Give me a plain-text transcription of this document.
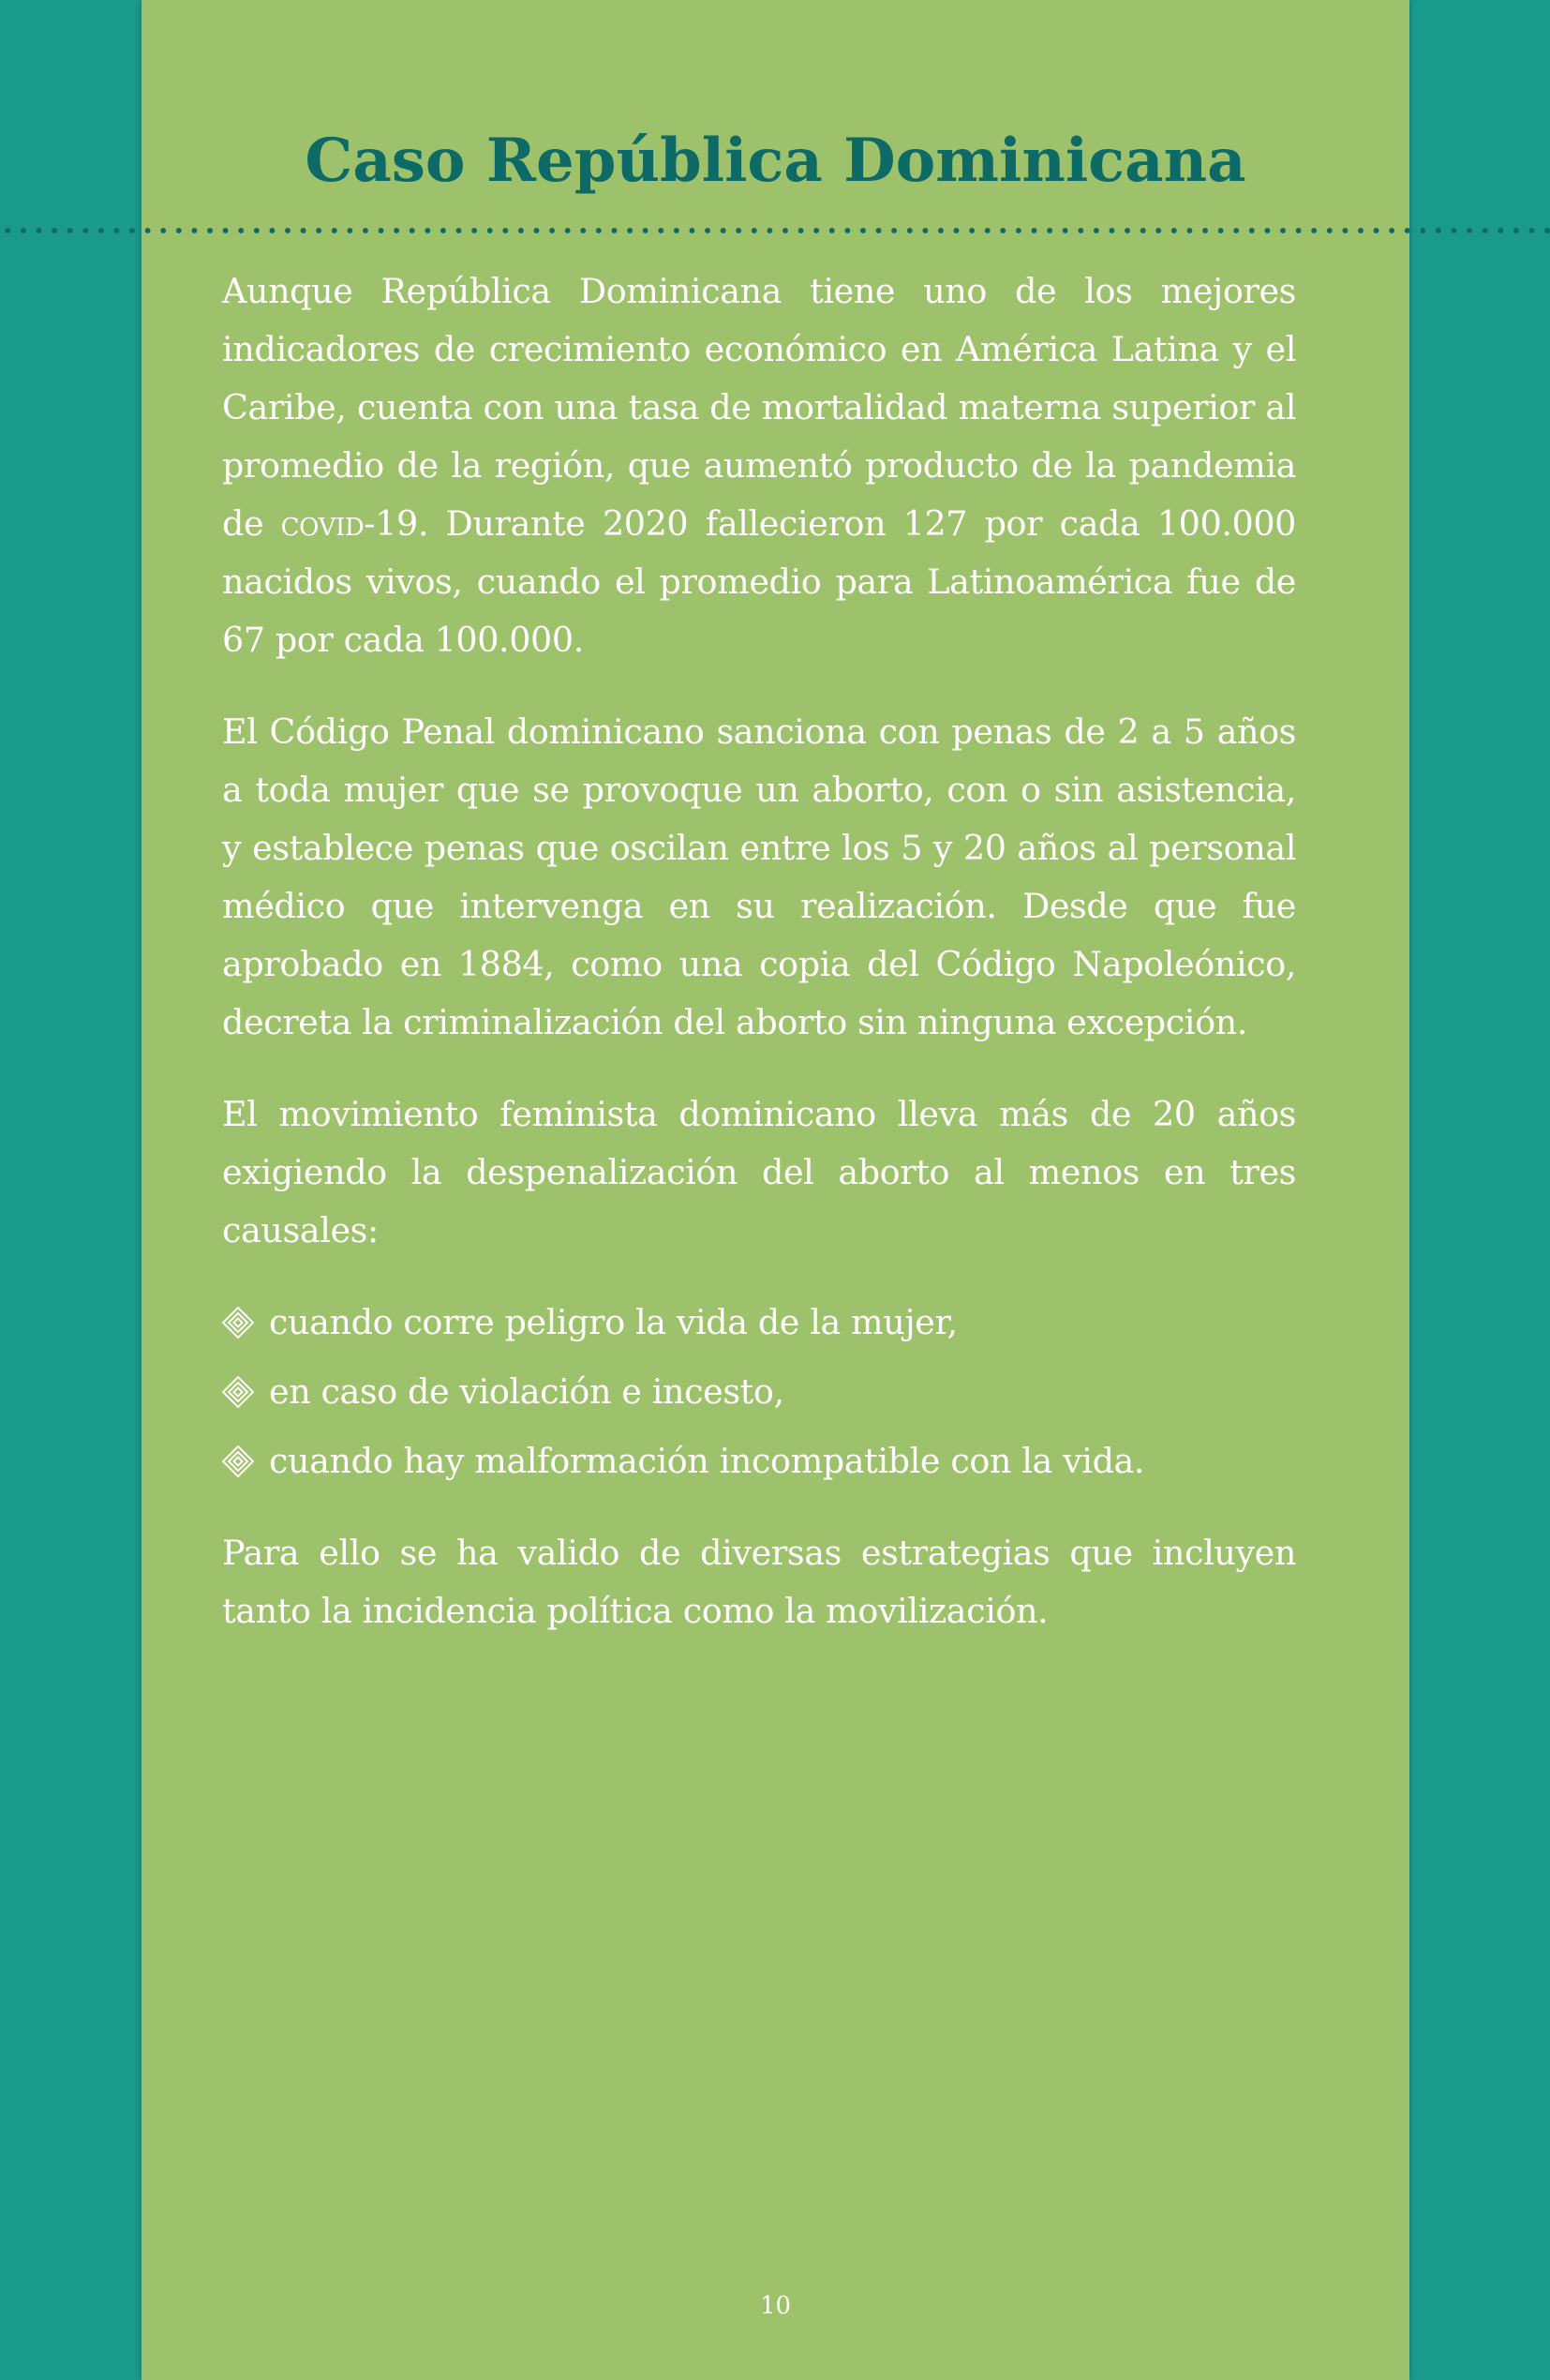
Caso República Dominicana

Aunque República Dominicana tiene uno de los mejores indicadores de crecimiento económico en América Latina y el Caribe, cuenta con una tasa de mortalidad materna superior al promedio de la región, que aumentó producto de la pandemia de covid-19. Durante 2020 fallecieron 127 por cada 100.000 nacidos vivos, cuando el promedio para Latinoamérica fue de 67 por cada 100.000.

El Código Penal dominicano sanciona con penas de 2 a 5 años a toda mujer que se provoque un aborto, con o sin asistencia, y establece penas que oscilan entre los 5 y 20 años al personal médico que intervenga en su realización. Desde que fue aprobado en 1884, como una copia del Código Napoleónico, decreta la criminalización del aborto sin ninguna excepción.

El movimiento feminista dominicano lleva más de 20 años exigiendo la despenalización del aborto al menos en tres causales:

cuando corre peligro la vida de la mujer,
en caso de violación e incesto,
cuando hay malformación incompatible con la vida.

Para ello se ha valido de diversas estrategias que incluyen tanto la incidencia política como la movilización.

10
